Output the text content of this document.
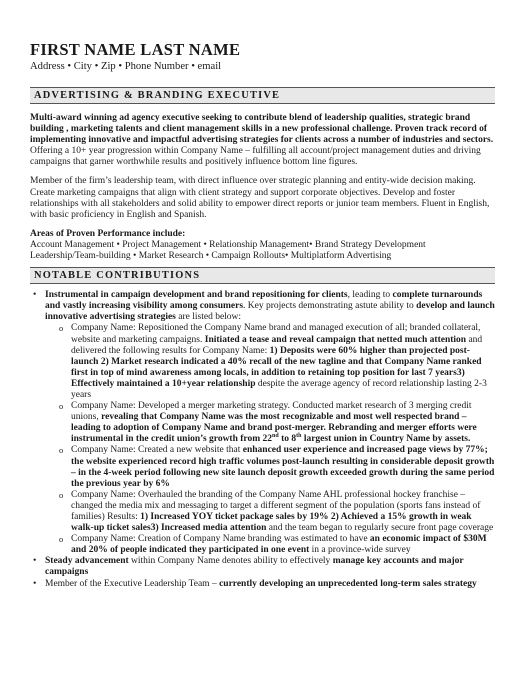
FIRST NAME LAST NAME
Address • City • Zip • Phone Number • email
ADVERTISING & BRANDING EXECUTIVE

Multi-award winning ad agency executive seeking to contribute blend of leadership qualities, strategic brand building , marketing talents and client management skills in a new professional challenge. Proven track record of implementing innovative and impactful advertising strategies for clients across a number of industries and sectors. Offering a 10+ year progression within Company Name – fulfilling all account/project management duties and driving campaigns that garner worthwhile results and positively influence bottom line figures.

Member of the firm’s leadership team, with direct influence over strategic planning and entity-wide decision making. Create marketing campaigns that align with client strategy and support corporate objectives. Develop and foster relationships with all stakeholders and solid ability to empower direct reports or junior team members. Fluent in English, with basic proficiency in English and Spanish.

Areas of Proven Performance include:

Account Management • Project Management • Relationship Management• Brand Strategy Development

Leadership/Team-building • Market Research • Campaign Rollouts• Multiplatform Advertising

NOTABLE CONTRIBUTIONS
• Instrumental in campaign development and brand repositioning for clients, leading to complete turnarounds and vastly increasing visibility among consumers. Key projects demonstrating astute ability to develop and launch innovative advertising strategies are listed below:
o Company Name: Repositioned the Company Name brand and managed execution of all; branded collateral, website and marketing campaigns. Initiated a tease and reveal campaign that netted much attention and delivered the following results for Company Name: 1) Deposits were 60% higher than projected post-launch 2) Market research indicated a 40% recall of the new tagline and that Company Name ranked first in top of mind awareness among locals, in addition to retaining top position for last 7 years3) Effectively maintained a 10+year relationship despite the average agency of record relationship lasting 2-3 years
o Company Name: Developed a merger marketing strategy. Conducted market research of 3 merging credit unions, revealing that Company Name was the most recognizable and most well respected brand – leading to adoption of Company Name and brand post-merger. Rebranding and merger efforts were instrumental in the credit union’s growth from 22nd to 8th largest union in Country Name by assets.
o Company Name: Created a new website that enhanced user experience and increased page views by 77%; the website experienced record high traffic volumes post-launch resulting in considerable deposit growth – in the 4-week period following new site launch deposit growth exceeded growth during the same period the previous year by 6%
o Company Name: Overhauled the branding of the Company Name AHL professional hockey franchise – changed the media mix and messaging to target a different segment of the population (sports fans instead of families) Results: 1) Increased YOY ticket package sales by 19% 2) Achieved a 15% growth in weak walk-up ticket sales3) Increased media attention and the team began to regularly secure front page coverage
o Company Name: Creation of Company Name branding was estimated to have an economic impact of $30M and 20% of people indicated they participated in one event in a province-wide survey
• Steady advancement within Company Name denotes ability to effectively manage key accounts and major campaigns
• Member of the Executive Leadership Team – currently developing an unprecedented long-term sales strategy
